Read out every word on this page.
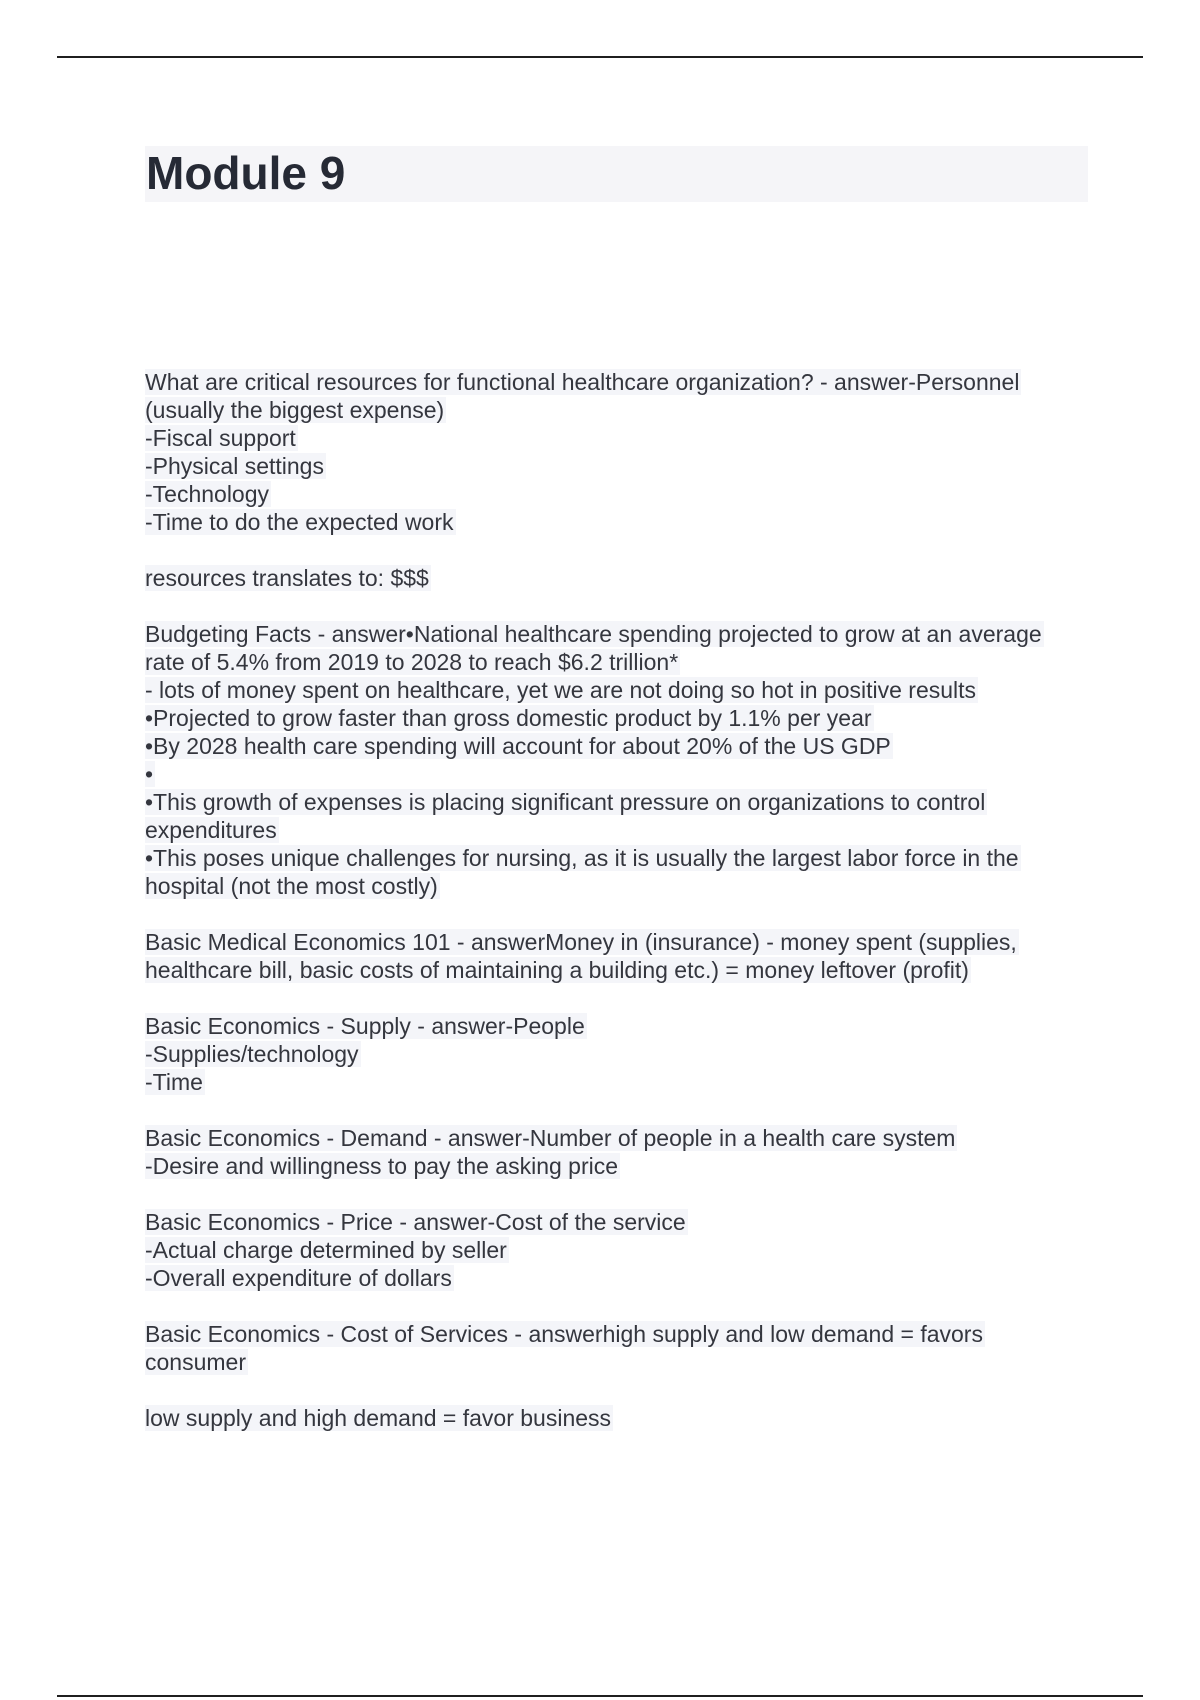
Module 9
What are critical resources for functional healthcare organization? - answer-Personnel
(usually the biggest expense)
-Fiscal support
-Physical settings
-Technology
-Time to do the expected work
resources translates to: $$$
Budgeting Facts - answer•National healthcare spending projected to grow at an average
rate of 5.4% from 2019 to 2028 to reach $6.2 trillion*
- lots of money spent on healthcare, yet we are not doing so hot in positive results
•Projected to grow faster than gross domestic product by 1.1% per year
•By 2028 health care spending will account for about 20% of the US GDP
•
•This growth of expenses is placing significant pressure on organizations to control
expenditures
•This poses unique challenges for nursing, as it is usually the largest labor force in the
hospital (not the most costly)
Basic Medical Economics 101 - answerMoney in (insurance) - money spent (supplies,
healthcare bill, basic costs of maintaining a building etc.) = money leftover (profit)
Basic Economics - Supply - answer-People
-Supplies/technology
-Time
Basic Economics - Demand - answer-Number of people in a health care system
-Desire and willingness to pay the asking price
Basic Economics - Price - answer-Cost of the service
-Actual charge determined by seller
-Overall expenditure of dollars
Basic Economics - Cost of Services - answerhigh supply and low demand = favors
consumer
low supply and high demand = favor business
